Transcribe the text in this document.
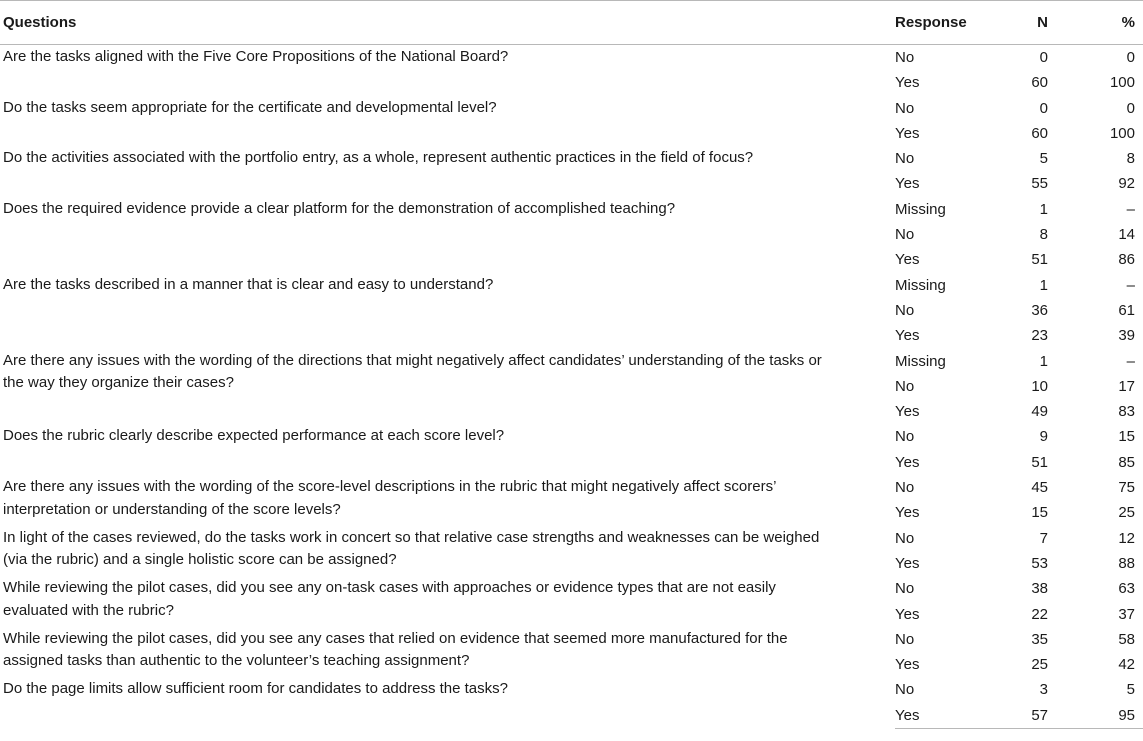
Questions	Response	N	%
Are the tasks aligned with the Five Core Propositions of the National Board?	No	0	0
	Yes	60	100
Do the tasks seem appropriate for the certificate and developmental level?	No	0	0
	Yes	60	100
Do the activities associated with the portfolio entry, as a whole, represent authentic practices in the field of focus?	No	5	8
	Yes	55	92
Does the required evidence provide a clear platform for the demonstration of accomplished teaching?	Missing	1	–
	No	8	14
	Yes	51	86
Are the tasks described in a manner that is clear and easy to understand?	Missing	1	–
	No	36	61
	Yes	23	39
Are there any issues with the wording of the directions that might negatively affect candidates’ understanding of the tasks or the way they organize their cases?	Missing	1	–
	No	10	17
	Yes	49	83
Does the rubric clearly describe expected performance at each score level?	No	9	15
	Yes	51	85
Are there any issues with the wording of the score-level descriptions in the rubric that might negatively affect scorers’ interpretation or understanding of the score levels?	No	45	75
	Yes	15	25
In light of the cases reviewed, do the tasks work in concert so that relative case strengths and weaknesses can be weighed (via the rubric) and a single holistic score can be assigned?	No	7	12
	Yes	53	88
While reviewing the pilot cases, did you see any on-task cases with approaches or evidence types that are not easily evaluated with the rubric?	No	38	63
	Yes	22	37
While reviewing the pilot cases, did you see any cases that relied on evidence that seemed more manufactured for the assigned tasks than authentic to the volunteer’s teaching assignment?	No	35	58
	Yes	25	42
Do the page limits allow sufficient room for candidates to address the tasks?	No	3	5
	Yes	57	95
